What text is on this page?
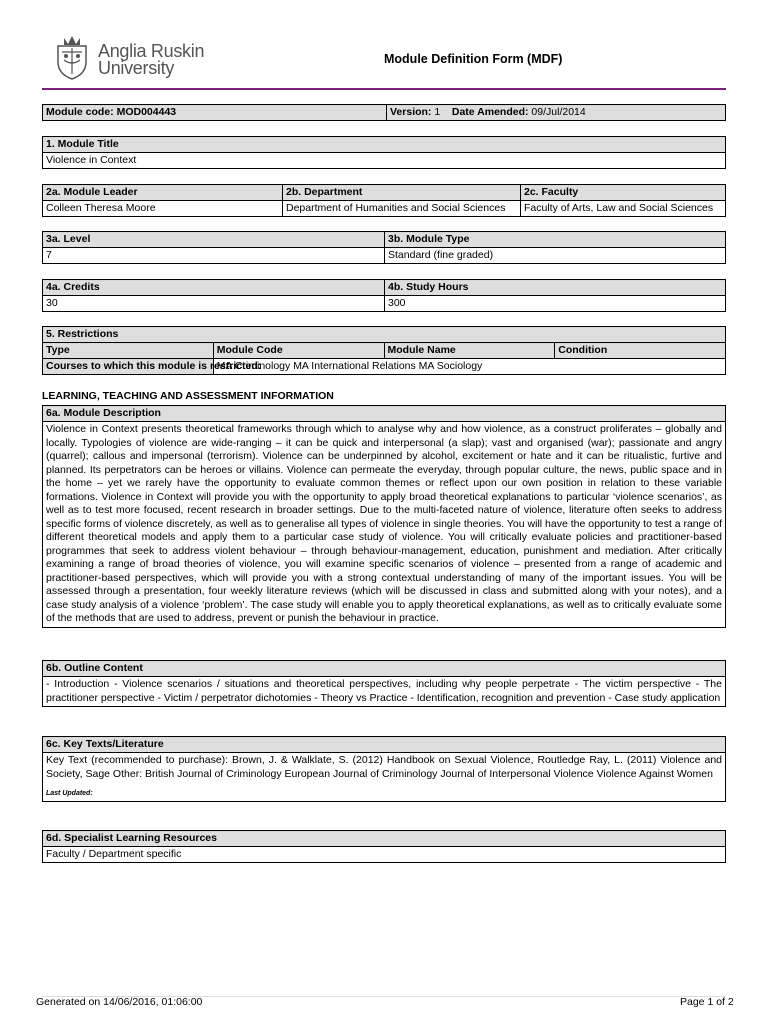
Anglia Ruskin
University	Module Definition Form (MDF)
Module code: MOD004443	Version: 1 Date Amended: 09/Jul/2014
1. Module Title
Violence in Context
2a. Module Leader	2b. Department	2c. Faculty
Colleen Theresa Moore	Department of Humanities and Social Sciences	Faculty of Arts, Law and Social Sciences
3a. Level	3b. Module Type
7	Standard (fine graded)
4a. Credits	4b. Study Hours
30	300
5. Restrictions			
Type	Module Code	Module Name	Condition
Courses to which this module is restricted:	MA Criminology MA International Relations MA Sociology		
LEARNING, TEACHING AND ASSESSMENT INFORMATION
6a. Module Description
Violence in Context presents theoretical frameworks through which to analyse why and how violence, as a construct proliferates – globally and locally. Typologies of violence are wide-ranging – it can be quick and interpersonal (a slap); vast and organised (war); passionate and angry (quarrel); callous and impersonal (terrorism). Violence can be underpinned by alcohol, excitement or hate and it can be ritualistic, furtive and planned. Its perpetrators can be heroes or villains. Violence can permeate the everyday, through popular culture, the news, public space and in the home – yet we rarely have the opportunity to evaluate common themes or reflect upon our own position in relation to these variable formations. Violence in Context will provide you with the opportunity to apply broad theoretical explanations to particular ‘violence scenarios’, as well as to test more focused, recent research in broader settings. Due to the multi-faceted nature of violence, literature often seeks to address specific forms of violence discretely, as well as to generalise all types of violence in single theories. You will have the opportunity to test a range of different theoretical models and apply them to a particular case study of violence. You will critically evaluate policies and practitioner-based programmes that seek to address violent behaviour – through behaviour-management, education, punishment and mediation. After critically examining a range of broad theories of violence, you will examine specific scenarios of violence – presented from a range of academic and practitioner-based perspectives, which will provide you with a strong contextual understanding of many of the important issues. You will be assessed through a presentation, four weekly literature reviews (which will be discussed in class and submitted along with your notes), and a case study analysis of a violence ‘problem’. The case study will enable you to apply theoretical explanations, as well as to critically evaluate some of the methods that are used to address, prevent or punish the behaviour in practice.
6b. Outline Content
- Introduction - Violence scenarios / situations and theoretical perspectives, including why people perpetrate - The victim perspective - The practitioner perspective - Victim / perpetrator dichotomies - Theory vs Practice - Identification, recognition and prevention - Case study application
6c. Key Texts/Literature
Key Text (recommended to purchase): Brown, J. & Walklate, S. (2012) Handbook on Sexual Violence, Routledge Ray, L. (2011) Violence and Society, Sage Other: British Journal of Criminology European Journal of Criminology Journal of Interpersonal Violence Violence Against Women
Last Updated:
6d. Specialist Learning Resources
Faculty / Department specific
Generated on 14/06/2016, 01:06:00	Page 1 of 2
